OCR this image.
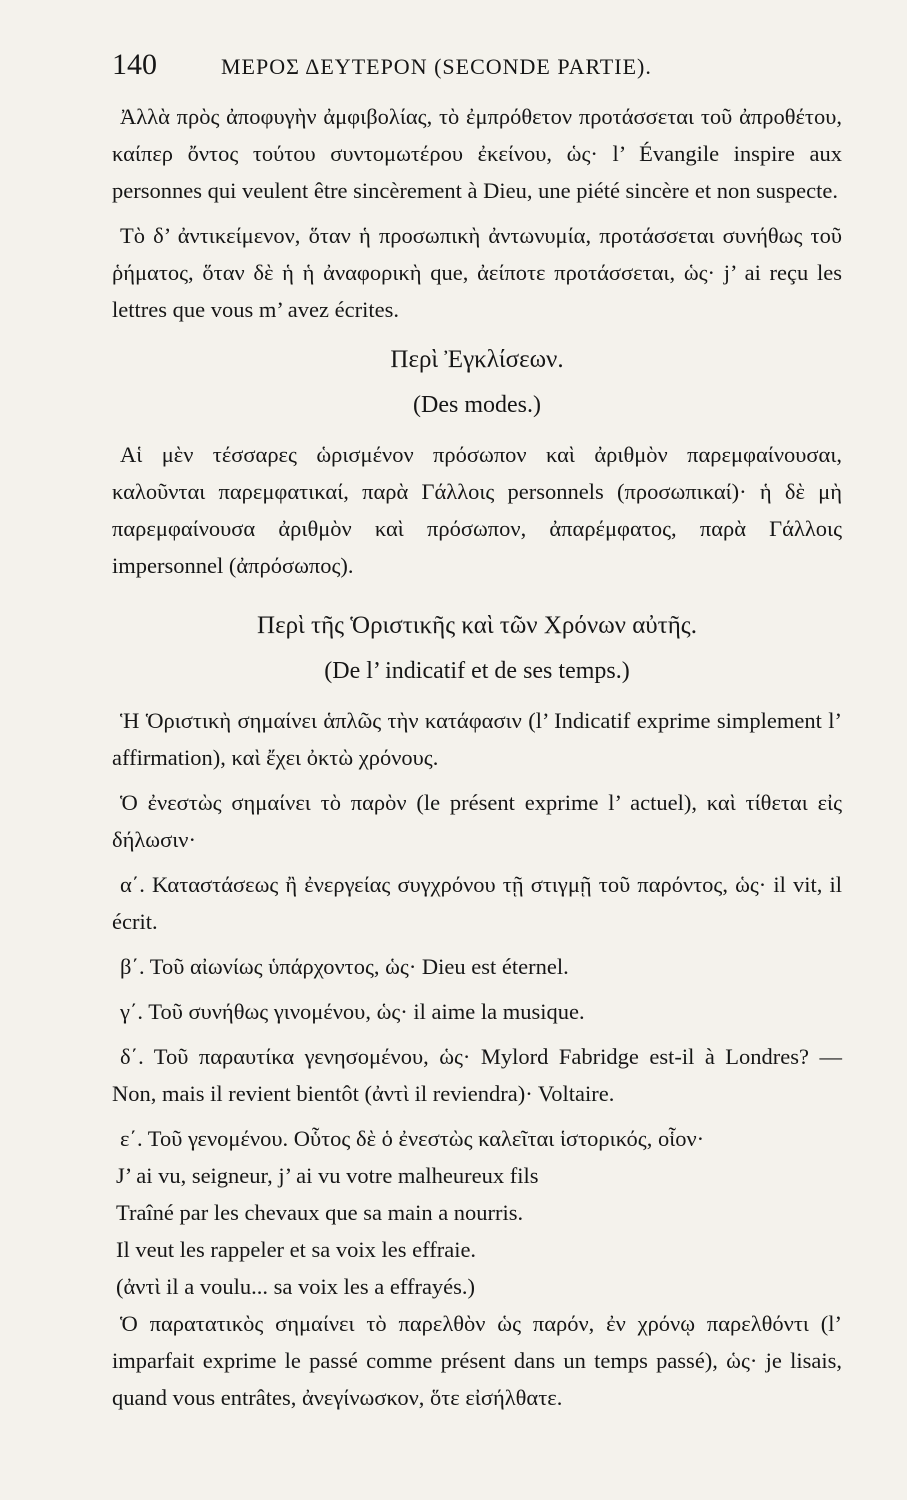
140	ΜΕΡΟΣ ΔΕΥΤΕΡΟΝ (SECONDE PARTIE).

Ἀλλὰ πρὸς ἀποφυγὴν ἀμφιβολίας, τὸ ἐμπρόθετον προτάσσεται τοῦ ἀπροθέτου, καίπερ ὄντος τούτου συντομωτέρου ἐκείνου, ὡς· l’ Évangile inspire aux personnes qui veulent être sincèrement à Dieu, une piété sincère et non suspecte.

Τὸ δ’ ἀντικείμενον, ὅταν ἡ προσωπικὴ ἀντωνυμία, προτάσσεται συνήθως τοῦ ῥήματος, ὅταν δὲ ἡ ἡ ἀναφορικὴ que, ἀείποτε προτάσσεται, ὡς· j’ ai reçu les lettres que vous m’ avez écrites.

Περὶ Ἐγκλίσεων.
(Des modes.)

Αἱ μὲν τέσσαρες ὡρισμένον πρόσωπον καὶ ἀριθμὸν παρεμφαίνουσαι, καλοῦνται παρεμφατικαί, παρὰ Γάλλοις personnels (προσωπικαί)· ἡ δὲ μὴ παρεμφαίνουσα ἀριθμὸν καὶ πρόσωπον, ἀπαρέμφατος, παρὰ Γάλλοις impersonnel (ἀπρόσωπος).

Περὶ τῆς Ὁριστικῆς καὶ τῶν Χρόνων αὐτῆς.
(De l’ indicatif et de ses temps.)

Ἡ Ὁριστικὴ σημαίνει ἁπλῶς τὴν κατάφασιν (l’ Indicatif exprime simplement l’ affirmation), καὶ ἔχει ὀκτὼ χρόνους.

Ὁ ἐνεστὼς σημαίνει τὸ παρὸν (le présent exprime l’ actuel), καὶ τίθεται εἰς δήλωσιν·

α΄. Καταστάσεως ἢ ἐνεργείας συγχρόνου τῇ στιγμῇ τοῦ παρόντος, ὡς· il vit, il écrit.

β΄. Τοῦ αἰωνίως ὑπάρχοντος, ὡς· Dieu est éternel.

γ΄. Τοῦ συνήθως γινομένου, ὡς· il aime la musique.

δ΄. Τοῦ παραυτίκα γενησομένου, ὡς· Mylord Fabridge est-il à Londres? — Non, mais il revient bientôt (ἀντὶ il reviendra)· Voltaire.

ε΄. Τοῦ γενομένου. Οὗτος δὲ ὁ ἐνεστὼς καλεῖται ἱστορικός, οἷον·

J’ ai vu, seigneur, j’ ai vu votre malheureux fils

Traîné par les chevaux que sa main a nourris.

Il veut les rappeler et sa voix les effraie.

(ἀντὶ il a voulu... sa voix les a effrayés.)

Ὁ παρατατικὸς σημαίνει τὸ παρελθὸν ὡς παρόν, ἐν χρόνῳ παρελθόντι (l’ imparfait exprime le passé comme présent dans un temps passé), ὡς· je lisais, quand vous entrâtes, ἀνεγίνωσκον, ὅτε εἰσήλθατε.
